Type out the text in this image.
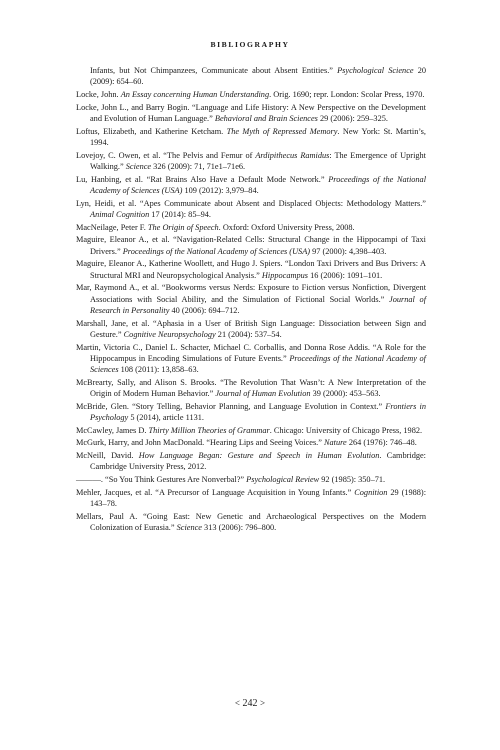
BIBLIOGRAPHY

Infants, but Not Chimpanzees, Communicate about Absent Entities.” Psychological Science 20 (2009): 654–60.

Locke, John. An Essay concerning Human Understanding. Orig. 1690; repr. London: Scolar Press, 1970.

Locke, John L., and Barry Bogin. “Language and Life History: A New Perspective on the Development and Evolution of Human Language.” Behavioral and Brain Sciences 29 (2006): 259–325.

Loftus, Elizabeth, and Katherine Ketcham. The Myth of Repressed Memory. New York: St. Martin’s, 1994.

Lovejoy, C. Owen, et al. “The Pelvis and Femur of Ardipithecus Ramidus: The Emergence of Upright Walking.” Science 326 (2009): 71, 71e1–71e6.

Lu, Hanbing, et al. “Rat Brains Also Have a Default Mode Network.” Proceedings of the National Academy of Sciences (USA) 109 (2012): 3,979–84.

Lyn, Heidi, et al. “Apes Communicate about Absent and Displaced Objects: Methodology Matters.” Animal Cognition 17 (2014): 85–94.

MacNeilage, Peter F. The Origin of Speech. Oxford: Oxford University Press, 2008.

Maguire, Eleanor A., et al. “Navigation-Related Cells: Structural Change in the Hippocampi of Taxi Drivers.” Proceedings of the National Academy of Sciences (USA) 97 (2000): 4,398–403.

Maguire, Eleanor A., Katherine Woollett, and Hugo J. Spiers. “London Taxi Drivers and Bus Drivers: A Structural MRI and Neuropsychological Analysis.” Hippocampus 16 (2006): 1091–101.

Mar, Raymond A., et al. “Bookworms versus Nerds: Exposure to Fiction versus Nonfiction, Divergent Associations with Social Ability, and the Simulation of Fictional Social Worlds.” Journal of Research in Personality 40 (2006): 694–712.

Marshall, Jane, et al. “Aphasia in a User of British Sign Language: Dissociation between Sign and Gesture.” Cognitive Neuropsychology 21 (2004): 537–54.

Martin, Victoria C., Daniel L. Schacter, Michael C. Corballis, and Donna Rose Addis. “A Role for the Hippocampus in Encoding Simulations of Future Events.” Proceedings of the National Academy of Sciences 108 (2011): 13,858–63.

McBrearty, Sally, and Alison S. Brooks. “The Revolution That Wasn’t: A New Interpretation of the Origin of Modern Human Behavior.” Journal of Human Evolution 39 (2000): 453–563.

McBride, Glen. “Story Telling, Behavior Planning, and Language Evolution in Context.” Frontiers in Psychology 5 (2014), article 1131.

McCawley, James D. Thirty Million Theories of Grammar. Chicago: University of Chicago Press, 1982.

McGurk, Harry, and John MacDonald. “Hearing Lips and Seeing Voices.” Nature 264 (1976): 746–48.

McNeill, David. How Language Began: Gesture and Speech in Human Evolution. Cambridge: Cambridge University Press, 2012.

———. “So You Think Gestures Are Nonverbal?” Psychological Review 92 (1985): 350–71.

Mehler, Jacques, et al. “A Precursor of Language Acquisition in Young Infants.” Cognition 29 (1988): 143–78.

Mellars, Paul A. “Going East: New Genetic and Archaeological Perspectives on the Modern Colonization of Eurasia.” Science 313 (2006): 796–800.

< 242 >
